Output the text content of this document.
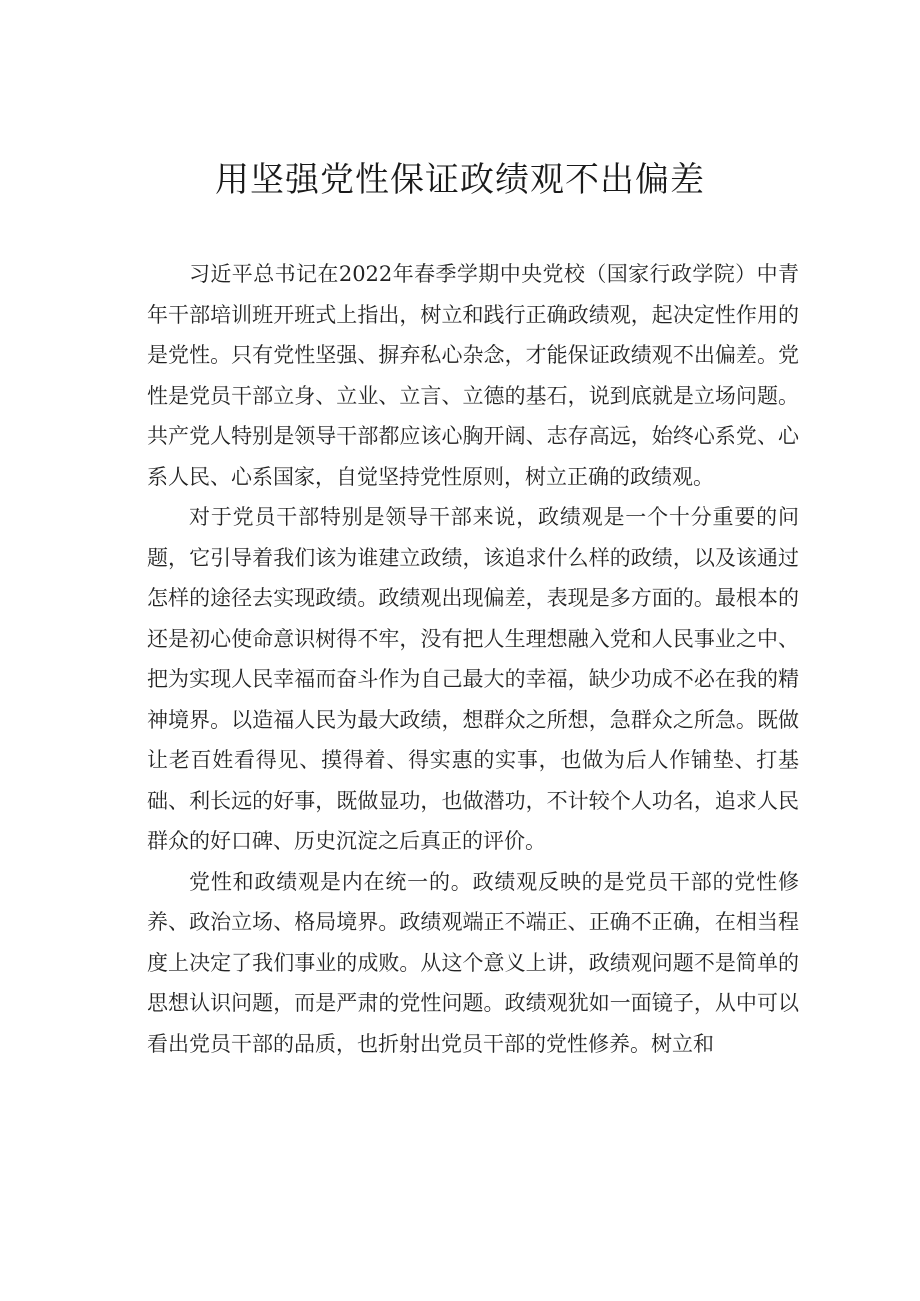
用坚强党性保证政绩观不出偏差

习近平总书记在2022年春季学期中央党校（国家行政学院）中青年干部培训班开班式上指出，树立和践行正确政绩观，起决定性作用的是党性。只有党性坚强、摒弃私心杂念，才能保证政绩观不出偏差。党性是党员干部立身、立业、立言、立德的基石，说到底就是立场问题。共产党人特别是领导干部都应该心胸开阔、志存高远，始终心系党、心系人民、心系国家，自觉坚持党性原则，树立正确的政绩观。

对于党员干部特别是领导干部来说，政绩观是一个十分重要的问题，它引导着我们该为谁建立政绩，该追求什么样的政绩，以及该通过怎样的途径去实现政绩。政绩观出现偏差，表现是多方面的。最根本的还是初心使命意识树得不牢，没有把人生理想融入党和人民事业之中、把为实现人民幸福而奋斗作为自己最大的幸福，缺少功成不必在我的精神境界。以造福人民为最大政绩，想群众之所想，急群众之所急。既做让老百姓看得见、摸得着、得实惠的实事，也做为后人作铺垫、打基础、利长远的好事，既做显功，也做潜功，不计较个人功名，追求人民群众的好口碑、历史沉淀之后真正的评价。

党性和政绩观是内在统一的。政绩观反映的是党员干部的党性修养、政治立场、格局境界。政绩观端正不端正、正确不正确，在相当程度上决定了我们事业的成败。从这个意义上讲，政绩观问题不是简单的思想认识问题，而是严肃的党性问题。政绩观犹如一面镜子，从中可以看出党员干部的品质，也折射出党员干部的党性修养。树立和
